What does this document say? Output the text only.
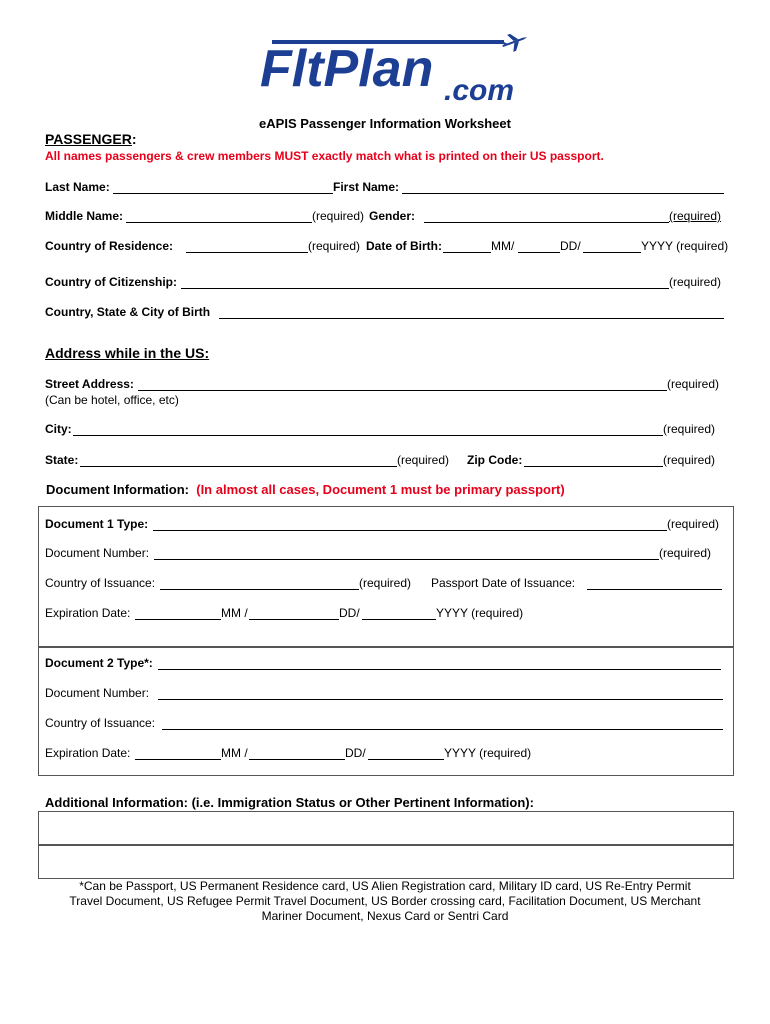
FltPlan .com
eAPIS Passenger Information Worksheet
PASSENGER:
All names passengers & crew members MUST exactly match what is printed on their US passport.
Last Name:	First Name:
Middle Name:	(required) Gender:	(required)
Country of Residence:	(required) Date of Birth:	MM/	DD/	YYYY (required)
Country of Citizenship:	(required)
Country, State & City of Birth
Address while in the US:
Street Address:	(required)
(Can be hotel, office, etc)
City:	(required)
State:	(required) Zip Code:	(required)
Document Information: (In almost all cases, Document 1 must be primary passport)
Document 1 Type:	(required)
Document Number:	(required)
Country of Issuance:	(required) Passport Date of Issuance:
Expiration Date:	MM /	DD/	YYYY (required)
Document 2 Type*:
Document Number:
Country of Issuance:
Expiration Date:	MM /	DD/	YYYY (required)
Additional Information: (i.e. Immigration Status or Other Pertinent Information):
*Can be Passport, US Permanent Residence card, US Alien Registration card, Military ID card, US Re-Entry Permit
Travel Document, US Refugee Permit Travel Document, US Border crossing card, Facilitation Document, US Merchant
Mariner Document, Nexus Card or Sentri Card
